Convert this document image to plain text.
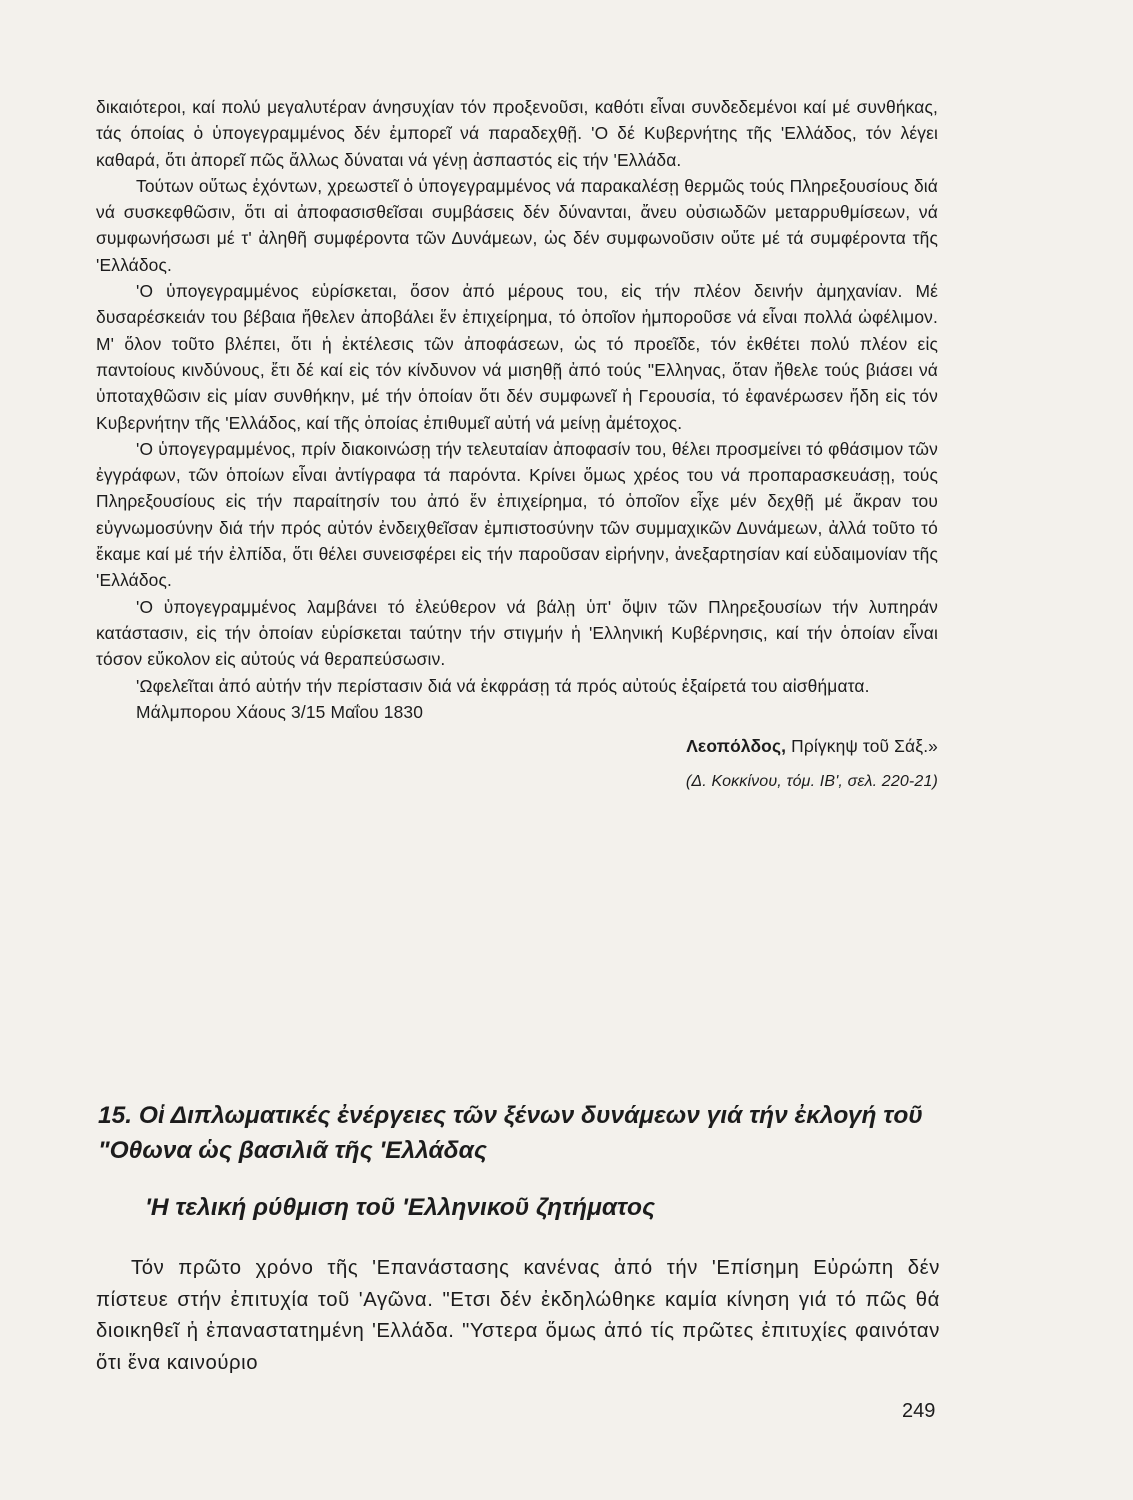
δικαιότεροι, καί πολύ μεγαλυτέραν άνησυχίαν τόν προξενοῦσι, καθότι εἶναι συνδεδεμένοι καί μέ συνθήκας, τάς όποίας ὁ ὑπογεγραμμένος δέν ἐμπορεῖ νά παραδεχθῇ. 'Ο δέ Κυβερνήτης τῆς 'Ελλάδος, τόν λέγει καθαρά, ὅτι ἀπορεῖ πῶς ἄλλως δύναται νά γένῃ ἀσπαστός εἰς τήν 'Ελλάδα.

Τούτων οὕτως ἐχόντων, χρεωστεῖ ὁ ὑπογεγραμμένος νά παρακαλέσῃ θερμῶς τούς Πληρεξουσίους διά νά συσκεφθῶσιν, ὅτι αἱ ἀποφασισθεῖσαι συμβάσεις δέν δύνανται, ἄνευ οὐσιωδῶν μεταρρυθμίσεων, νά συμφωνήσωσι μέ τ' ἀληθῆ συμφέροντα τῶν Δυνάμεων, ὡς δέν συμφωνοῦσιν οὔτε μέ τά συμφέροντα τῆς 'Ελλάδος.

'Ο ὑπογεγραμμένος εὑρίσκεται, ὅσον ἀπό μέρους του, εἰς τήν πλέον δεινήν ἀμηχανίαν. Μέ δυσαρέσκειάν του βέβαια ἤθελεν ἀποβάλει ἕν ἐπιχείρημα, τό ὁποῖον ἠμποροῦσε νά εἶναι πολλά ὠφέλιμον. Μ' ὅλον τοῦτο βλέπει, ὅτι ἡ ἐκτέλεσις τῶν ἀποφάσεων, ὡς τό προεῖδε, τόν ἐκθέτει πολύ πλέον εἰς παντοίους κινδύνους, ἔτι δέ καί εἰς τόν κίνδυνον νά μισηθῇ ἀπό τούς "Ελληνας, ὅταν ἤθελε τούς βιάσει νά ὑποταχθῶσιν εἰς μίαν συνθήκην, μέ τήν ὁποίαν ὅτι δέν συμφωνεῖ ἡ Γερουσία, τό ἐφανέρωσεν ἤδη εἰς τόν Κυβερνήτην τῆς 'Ελλάδος, καί τῆς ὁποίας ἐπιθυμεῖ αὐτή νά μείνῃ ἀμέτοχος.

'Ο ὑπογεγραμμένος, πρίν διακοινώσῃ τήν τελευταίαν ἀποφασίν του, θέλει προσμείνει τό φθάσιμον τῶν ἐγγράφων, τῶν ὁποίων εἶναι ἀντίγραφα τά παρόντα. Κρίνει ὅμως χρέος του νά προπαρασκευάσῃ, τούς Πληρεξουσίους εἰς τήν παραίτησίν του ἀπό ἕν ἐπιχείρημα, τό ὁποῖον εἶχε μέν δεχθῇ μέ ἄκραν του εὐγνωμοσύνην διά τήν πρός αὐτόν ἐνδειχθεῖσαν ἐμπιστοσύνην τῶν συμμαχικῶν Δυνάμεων, ἀλλά τοῦτο τό ἔκαμε καί μέ τήν ἐλπίδα, ὅτι θέλει συνεισφέρει εἰς τήν παροῦσαν εἰρήνην, ἀνεξαρτησίαν καί εὐδαιμονίαν τῆς 'Ελλάδος.

'Ο ὑπογεγραμμένος λαμβάνει τό ἐλεύθερον νά βάλῃ ὑπ' ὄψιν τῶν Πληρεξουσίων τήν λυπηράν κατάστασιν, εἰς τήν ὁποίαν εὑρίσκεται ταύτην τήν στιγμήν ἡ 'Ελληνική Κυβέρνησις, καί τήν ὁποίαν εἶναι τόσον εὔκολον εἰς αὐτούς νά θεραπεύσωσιν.

'Ωφελεῖται ἀπό αὐτήν τήν περίστασιν διά νά ἐκφράσῃ τά πρός αὐτούς ἐξαίρετά του αἰσθήματα.

Μάλμπορου Χάους 3/15 Μαΐου 1830

Λεοπόλδος, Πρίγκηψ τοῦ Σάξ.»

(Δ. Κοκκίνου, τόμ. ΙΒ', σελ. 220-21)

15. Οἱ Διπλωματικές ἐνέργειες τῶν ξένων δυνάμεων γιά τήν ἐκλογή τοῦ "Οθωνα ὡς βασιλιᾶ τῆς 'Ελλάδας
'Η τελική ρύθμιση τοῦ 'Ελληνικοῦ ζητήματος

Τόν πρῶτο χρόνο τῆς 'Επανάστασης κανένας ἀπό τήν 'Επίσημη Εὐρώπη δέν πίστευε στήν ἐπιτυχία τοῦ 'Αγῶνα. "Ετσι δέν ἐκδηλώθηκε καμία κίνηση γιά τό πῶς θά διοικηθεῖ ἡ ἐπαναστατημένη 'Ελλάδα. "Υστερα ὅμως ἀπό τίς πρῶτες ἐπιτυχίες φαινόταν ὅτι ἕνα καινούριο

249
